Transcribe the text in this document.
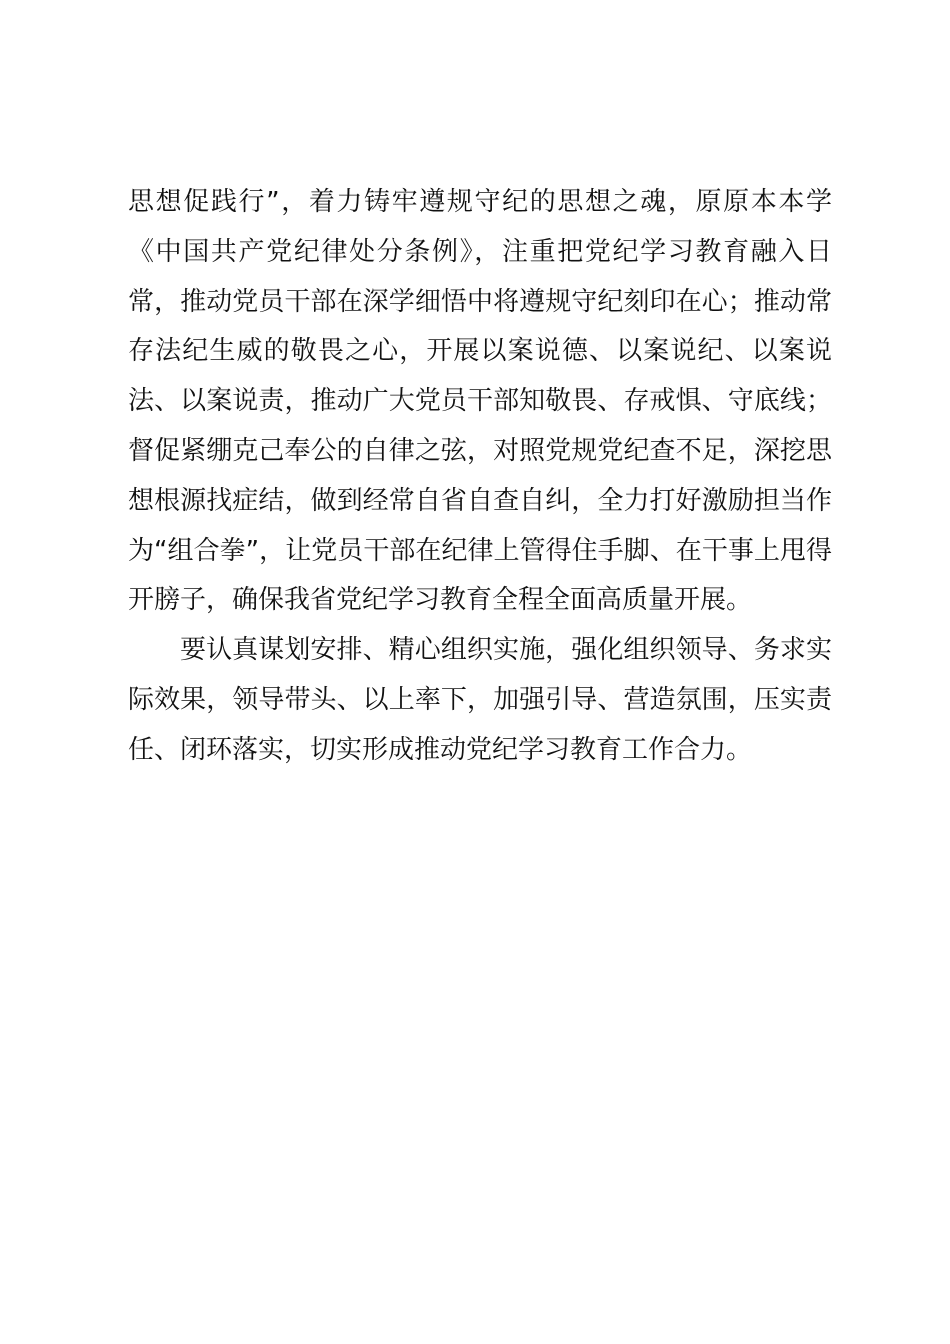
思想促践行”，着力铸牢遵规守纪的思想之魂，原原本本学《中国共产党纪律处分条例》，注重把党纪学习教育融入日常，推动党员干部在深学细悟中将遵规守纪刻印在心；推动常存法纪生威的敬畏之心，开展以案说德、以案说纪、以案说法、以案说责，推动广大党员干部知敬畏、存戒惧、守底线；督促紧绷克己奉公的自律之弦，对照党规党纪查不足，深挖思想根源找症结，做到经常自省自查自纠，全力打好激励担当作为“组合拳”，让党员干部在纪律上管得住手脚、在干事上甩得开膀子，确保我省党纪学习教育全程全面高质量开展。

要认真谋划安排、精心组织实施，强化组织领导、务求实际效果，领导带头、以上率下，加强引导、营造氛围，压实责任、闭环落实，切实形成推动党纪学习教育工作合力。
